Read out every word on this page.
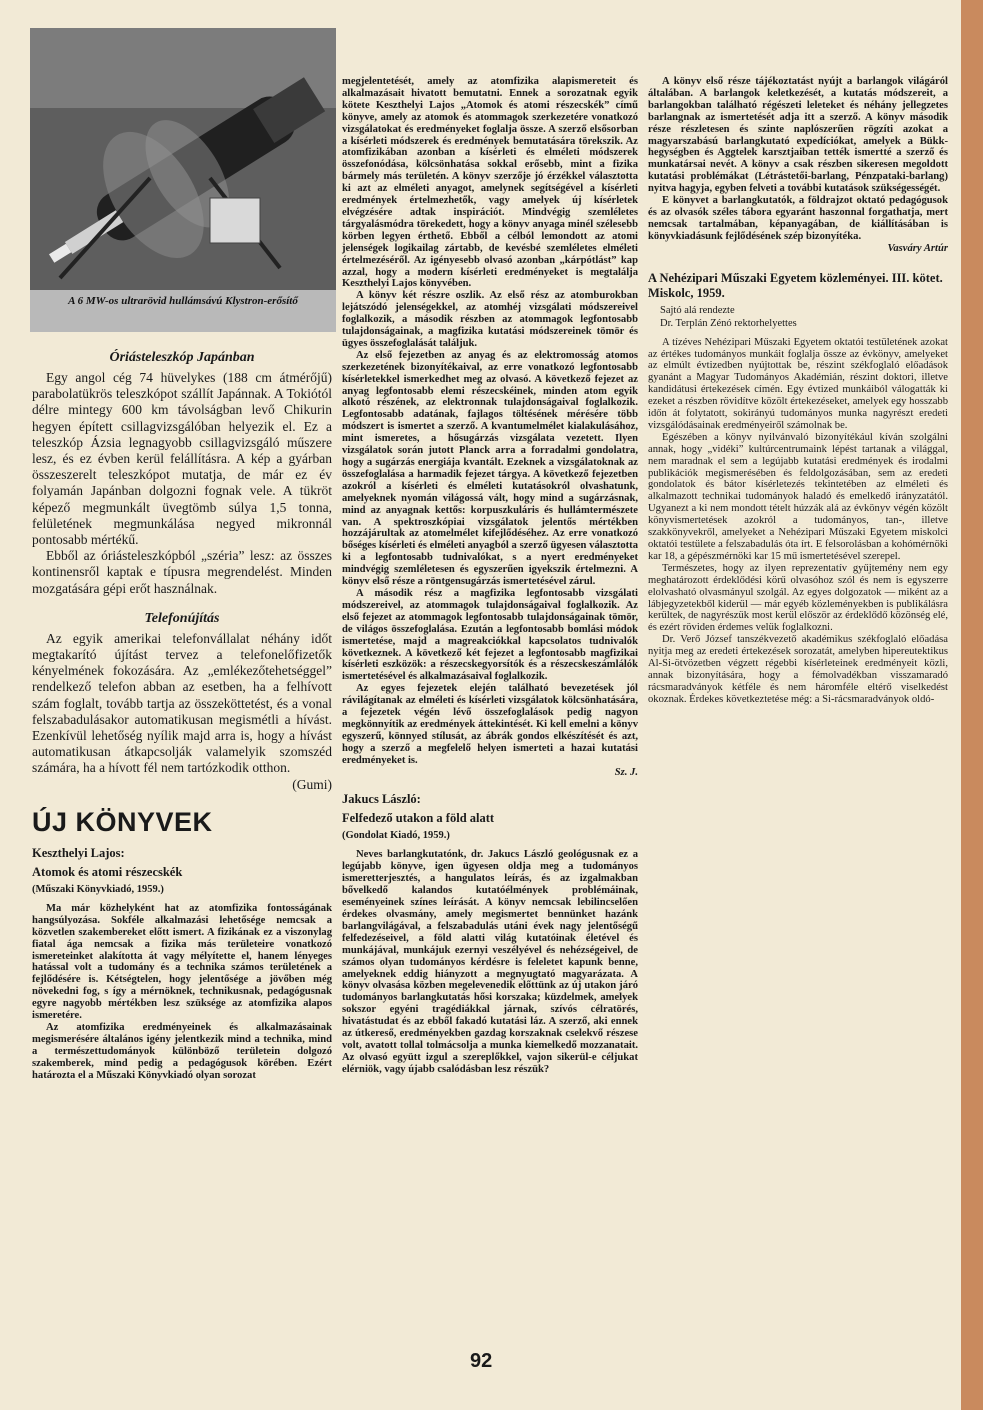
A 6 MW-os ultrarövid hullámsávú Klystron-erősítő
Óriásteleszkóp Japánban

Egy angol cég 74 hüvelykes (188 cm átmérőjű) parabolatükrös teleszkópot szállít Japánnak. A Tokiótól délre mintegy 600 km távolságban levő Chikurin hegyen épített csillagvizsgálóban helyezik el. Ez a teleszkóp Ázsia legnagyobb csillagvizsgáló műszere lesz, és ez évben kerül felállításra. A kép a gyárban összeszerelt teleszkópot mutatja, de már ez év folyamán Japánban dolgozni fognak vele. A tükröt képező megmunkált üvegtömb súlya 1,5 tonna, felületének megmunkálása negyed mikronnál pontosabb mértékű.

Ebből az óriásteleszkópból „széria” lesz: az összes kontinensről kaptak e típusra megrendelést. Minden mozgatására gépi erőt használnak.

Telefonújítás

Az egyik amerikai telefonvállalat néhány időt megtakarító újítást tervez a telefonelőfizetők kényelmének fokozására. Az „emlékezőtehetséggel” rendelkező telefon abban az esetben, ha a felhívott szám foglalt, tovább tartja az összeköttetést, és a vonal felszabadulásakor automatikusan megismétli a hívást. Ezenkívül lehetőség nyílik majd arra is, hogy a hívást automatikusan átkapcsolják valamelyik szomszéd számára, ha a hívott fél nem tartózkodik otthon.

(Gumi)

ÚJ KÖNYVEK
Keszthelyi Lajos:
Atomok és atomi részecskék
(Műszaki Könyvkiadó, 1959.)

Ma már közhelyként hat az atomfizika fontosságának hangsúlyozása. Sokféle alkalmazási lehetősége nemcsak a közvetlen szakembereket előtt ismert. A fizikának ez a viszonylag fiatal ága nemcsak a fizika más területeire vonatkozó ismereteinket alakította át vagy mélyítette el, hanem lényeges hatással volt a tudomány és a technika számos területének a fejlődésére is. Kétségtelen, hogy jelentősége a jövőben még növekedni fog, s így a mérnöknek, technikusnak, pedagógusnak egyre nagyobb mértékben lesz szüksége az atomfizika alapos ismeretére.

Az atomfizika eredményeinek és alkalmazásainak megismerésére általános igény jelentkezik mind a technika, mind a természettudományok különböző területein dolgozó szakemberek, mind pedig a pedagógusok körében. Ezért határozta el a Műszaki Könyvkiadó olyan sorozat

megjelentetését, amely az atomfizika alapismereteit és alkalmazásait hivatott bemutatni. Ennek a sorozatnak egyik kötete Keszthelyi Lajos „Atomok és atomi részecskék” című könyve, amely az atomok és atommagok szerkezetére vonatkozó vizsgálatokat és eredményeket foglalja össze. A szerző elsősorban a kísérleti módszerek és eredmények bemutatására törekszik. Az atomfizikában azonban a kísérleti és elméleti módszerek összefonódása, kölcsönhatása sokkal erősebb, mint a fizika bármely más területén. A könyv szerzője jó érzékkel választotta ki azt az elméleti anyagot, amelynek segítségével a kísérleti eredmények értelmezhetők, vagy amelyek új kísérletek elvégzésére adtak inspirációt. Mindvégig szemléletes tárgyalásmódra törekedett, hogy a könyv anyaga minél szélesebb körben legyen érthető. Ebből a célból lemondott az atomi jelenségek logikailag zártabb, de kevésbé szemléletes elméleti értelmezéséről. Az igényesebb olvasó azonban „kárpótlást” kap azzal, hogy a modern kísérleti eredményeket is megtalálja Keszthelyi Lajos könyvében.

A könyv két részre oszlik. Az első rész az atomburokban lejátszódó jelenségekkel, az atomhéj vizsgálati módszereivel foglalkozik, a második részben az atommagok legfontosabb tulajdonságainak, a magfizika kutatási módszereinek tömör és ügyes összefoglalását találjuk.

Az első fejezetben az anyag és az elektromosság atomos szerkezetének bizonyítékaival, az erre vonatkozó legfontosabb kísérletekkel ismerkedhet meg az olvasó. A következő fejezet az anyag legfontosabb elemi részecskéinek, minden atom egyik alkotó részének, az elektronnak tulajdonságaival foglalkozik. Legfontosabb adatának, fajlagos töltésének mérésére több módszert is ismertet a szerző. A kvantumelmélet kialakulásához, mint ismeretes, a hősugárzás vizsgálata vezetett. Ilyen vizsgálatok során jutott Planck arra a forradalmi gondolatra, hogy a sugárzás energiája kvantált. Ezeknek a vizsgálatoknak az összefoglalása a harmadik fejezet tárgya. A következő fejezetben azokról a kísérleti és elméleti kutatásokról olvashatunk, amelyeknek nyomán világossá vált, hogy mind a sugárzásnak, mind az anyagnak kettős: korpuszkuláris és hullámtermészete van. A spektroszkópiai vizsgálatok jelentős mértékben hozzájárultak az atomelmélet kifejlődéséhez. Az erre vonatkozó bőséges kísérleti és elméleti anyagból a szerző ügyesen választotta ki a legfontosabb tudnivalókat, s a nyert eredményeket mindvégig szemléletesen és egyszerűen igyekszik értelmezni. A könyv első része a röntgensugárzás ismertetésével zárul.

A második rész a magfizika legfontosabb vizsgálati módszereivel, az atommagok tulajdonságaival foglalkozik. Az első fejezet az atommagok legfontosabb tulajdonságainak tömör, de világos összefoglalása. Ezután a legfontosabb bomlási módok ismertetése, majd a magreakciókkal kapcsolatos tudnivalók következnek. A következő két fejezet a legfontosabb magfizikai kísérleti eszközök: a részecskegyorsítók és a részecskeszámlálók ismertetésével és alkalmazásaival foglalkozik.

Az egyes fejezetek elején található bevezetések jól rávilágítanak az elméleti és kísérleti vizsgálatok kölcsönhatására, a fejezetek végén lévő összefoglalások pedig nagyon megkönnyítik az eredmények áttekintését. Ki kell emelni a könyv egyszerű, könnyed stílusát, az ábrák gondos elkészítését és azt, hogy a szerző a megfelelő helyen ismerteti a hazai kutatási eredményeket is.

Sz. J.

Jakucs László:
Felfedező utakon a föld alatt
(Gondolat Kiadó, 1959.)

Neves barlangkutatónk, dr. Jakucs László geológusnak ez a legújabb könyve, igen ügyesen oldja meg a tudományos ismeretterjesztés, a hangulatos leírás, és az izgalmakban bővelkedő kalandos kutatóélmények problémáinak, eseményeinek színes leírását. A könyv nemcsak lebilincselően érdekes olvasmány, amely megismertet bennünket hazánk barlangvilágával, a felszabadulás utáni évek nagy jelentőségű felfedezéseivel, a föld alatti világ kutatóinak életével és munkájával, munkájuk ezernyi veszélyével és nehézségeivel, de számos olyan tudományos kérdésre is feleletet kapunk benne, amelyeknek eddig hiányzott a megnyugtató magyarázata. A könyv olvasása közben megelevenedik előttünk az új utakon járó tudományos barlangkutatás hősi korszaka; küzdelmek, amelyek sokszor egyéni tragédiákkal járnak, szívós célratörés, hivatástudat és az ebből fakadó kutatási láz. A szerző, aki ennek az útkereső, eredményekben gazdag korszaknak cselekvő részese volt, avatott tollal tolmácsolja a munka kiemelkedő mozzanatait. Az olvasó együtt izgul a szereplőkkel, vajon sikerül-e céljukat elérniök, vagy újabb csalódásban lesz részük?

A könyv első része tájékoztatást nyújt a barlangok világáról általában. A barlangok keletkezését, a kutatás módszereit, a barlangokban található régészeti leleteket és néhány jellegzetes barlangnak az ismertetését adja itt a szerző. A könyv második része részletesen és szinte naplószerűen rögzíti azokat a magyarszabású barlangkutató expedíciókat, amelyek a Bükk-hegységben és Aggtelek karsztjaiban tették ismertté a szerző és munkatársai nevét. A könyv a csak részben sikeresen megoldott kutatási problémákat (Létrástetői-barlang, Pénzpataki-barlang) nyitva hagyja, egyben felveti a további kutatások szükségességét.

E könyvet a barlangkutatók, a földrajzot oktató pedagógusok és az olvasók széles tábora egyaránt haszonnal forgathatja, mert nemcsak tartalmában, képanyagában, de kiállításában is könyvkiadásunk fejlődésének szép bizonyítéka.

Vasváry Artúr

A Nehézipari Műszaki Egyetem közleményei. III. kötet. Miskolc, 1959.
Sajtó alá rendezte
Dr. Terplán Zénó rektorhelyettes

A tízéves Nehézipari Műszaki Egyetem oktatói testületének azokat az értékes tudományos munkáit foglalja össze az évkönyv, amelyeket az elmúlt évtizedben nyújtottak be, részint székfoglaló előadások gyanánt a Magyar Tudományos Akadémián, részint doktori, illetve kandidátusi értekezések címén. Egy évtized munkáiból válogatták ki ezeket a részben rövidítve közölt értekezéseket, amelyek egy hosszabb időn át folytatott, sokirányú tudományos munka nagyrészt eredeti vizsgálódásainak eredményeiről számolnak be.

Egészében a könyv nyilvánvaló bizonyítékául kíván szolgálni annak, hogy „vidéki” kultúrcentrumaink lépést tartanak a világgal, nem maradnak el sem a legújabb kutatási eredmények és irodalmi publikációk megismerésében és feldolgozásában, sem az eredeti gondolatok és bátor kísérletezés tekintetében az elméleti és alkalmazott technikai tudományok haladó és emelkedő irányzatától. Ugyanezt a ki nem mondott tételt húzzák alá az évkönyv végén közölt könyvismertetések azokról a tudományos, tan-, illetve szakkönyvekről, amelyeket a Nehézipari Műszaki Egyetem miskolci oktatói testülete a felszabadulás óta írt. E felsorolásban a kohómérnöki kar 18, a gépészmérnöki kar 15 mű ismertetésével szerepel.

Természetes, hogy az ilyen reprezentatív gyűjtemény nem egy meghatározott érdeklődési körű olvasóhoz szól és nem is egyszerre elolvasható olvasmányul szolgál. Az egyes dolgozatok — miként az a lábjegyzetekből kiderül — már egyéb közleményekben is publikálásra kerültek, de nagyrészük most kerül először az érdeklődő közönség elé, és ezért röviden érdemes velük foglalkozni.

Dr. Verő József tanszékvezető akadémikus székfoglaló előadása nyitja meg az eredeti értekezések sorozatát, amelyben hipereutektikus Al-Si-ötvözetben végzett régebbi kísérleteinek eredményeit közli, annak bizonyítására, hogy a fémolvadékban visszamaradó rácsmaradványok kétféle és nem háromféle eltérő viselkedést okoznak. Érdekes következtetése még: a Si-rácsmaradványok oldó-

92
